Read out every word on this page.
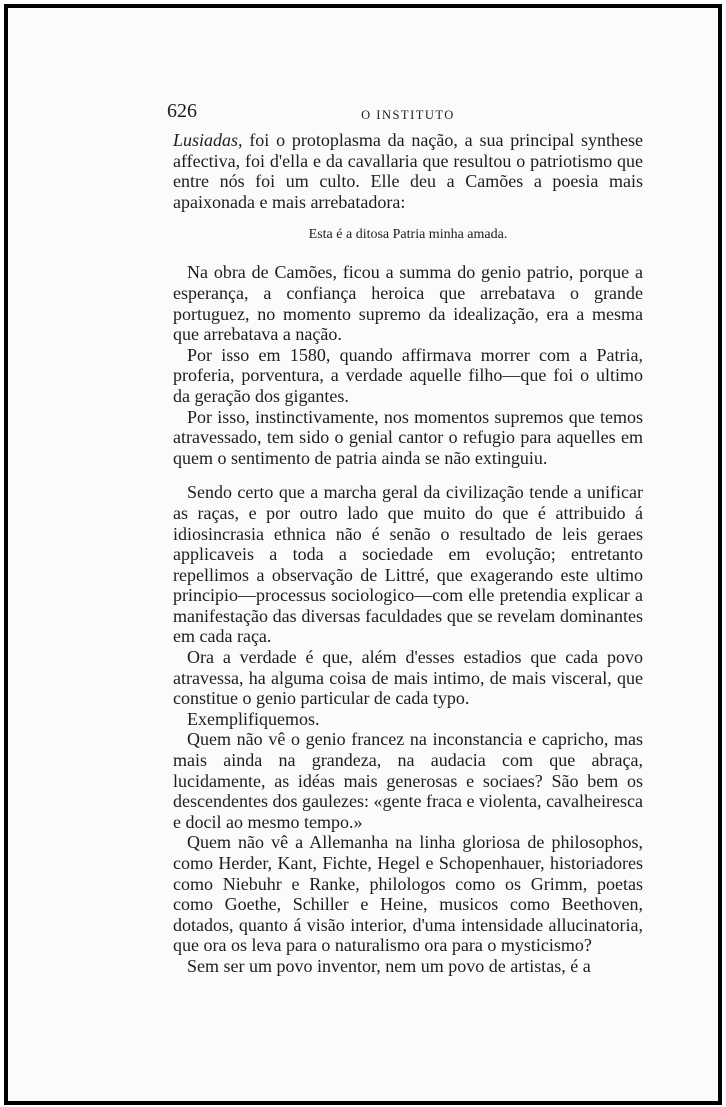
626	O INSTITUTO

Lusiadas, foi o protoplasma da nação, a sua principal synthese affectiva, foi d'ella e da cavallaria que resultou o patriotismo que entre nós foi um culto. Elle deu a Camões a poesia mais apaixonada e mais arrebatadora:

Esta é a ditosa Patria minha amada.

Na obra de Camões, ficou a summa do genio patrio, porque a esperança, a confiança heroica que arrebatava o grande portuguez, no momento supremo da idealização, era a mesma que arrebatava a nação.

Por isso em 1580, quando affirmava morrer com a Patria, proferia, porventura, a verdade aquelle filho—que foi o ultimo da geração dos gigantes.

Por isso, instinctivamente, nos momentos supremos que temos atravessado, tem sido o genial cantor o refugio para aquelles em quem o sentimento de patria ainda se não extinguiu.

Sendo certo que a marcha geral da civilização tende a unificar as raças, e por outro lado que muito do que é attribuido á idiosincrasia ethnica não é senão o resultado de leis geraes applicaveis a toda a sociedade em evolução; entretanto repellimos a observação de Littré, que exagerando este ultimo principio—processus sociologico—com elle pretendia explicar a manifestação das diversas faculdades que se revelam dominantes em cada raça.

Ora a verdade é que, além d'esses estadios que cada povo atravessa, ha alguma coisa de mais intimo, de mais visceral, que constitue o genio particular de cada typo.

Exemplifiquemos.

Quem não vê o genio francez na inconstancia e capricho, mas mais ainda na grandeza, na audacia com que abraça, lucidamente, as idéas mais generosas e sociaes? São bem os descendentes dos gaulezes: «gente fraca e violenta, cavalheiresca e docil ao mesmo tempo.»

Quem não vê a Allemanha na linha gloriosa de philosophos, como Herder, Kant, Fichte, Hegel e Schopenhauer, historiadores como Niebuhr e Ranke, philologos como os Grimm, poetas como Goethe, Schiller e Heine, musicos como Beethoven, dotados, quanto á visão interior, d'uma intensidade allucinatoria, que ora os leva para o naturalismo ora para o mysticismo?

Sem ser um povo inventor, nem um povo de artistas, é a
